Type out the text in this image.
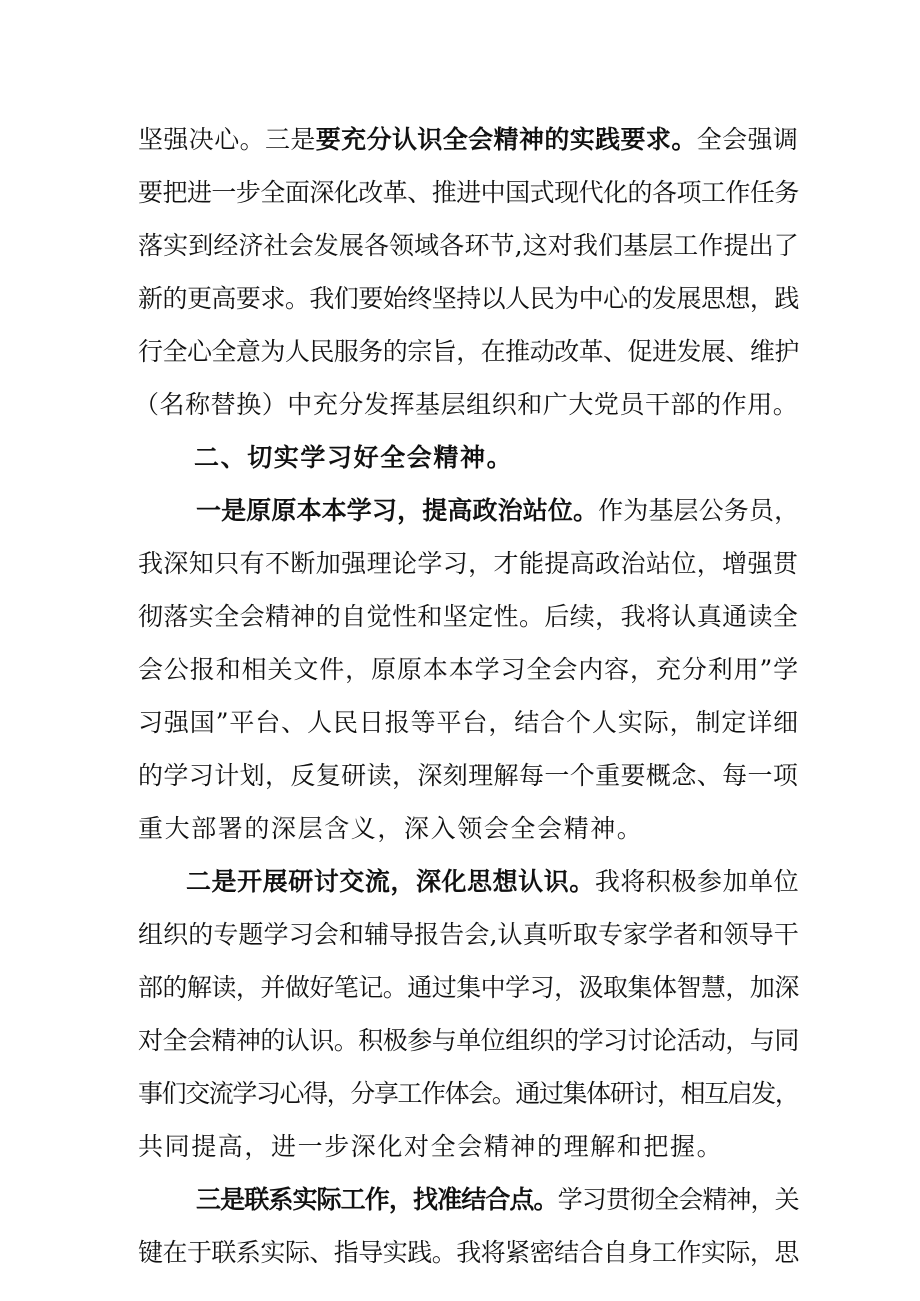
坚强决心。三是要充分认识全会精神的实践要求。全会强调
要把进一步全面深化改革、推进中国式现代化的各项工作任务
落实到经济社会发展各领域各环节,这对我们基层工作提出了
新的更高要求。我们要始终坚持以人民为中心的发展思想，践
行全心全意为人民服务的宗旨，在推动改革、促进发展、维护
（名称替换）中充分发挥基层组织和广大党员干部的作用。
二、切实学习好全会精神。
一是原原本本学习，提高政治站位。作为基层公务员，
我深知只有不断加强理论学习，才能提高政治站位，增强贯
彻落实全会精神的自觉性和坚定性。后续，我将认真通读全
会公报和相关文件，原原本本学习全会内容，充分利用”学
习强国”平台、人民日报等平台，结合个人实际，制定详细
的学习计划，反复研读，深刻理解每一个重要概念、每一项
重大部署的深层含义，深入领会全会精神。
二是开展研讨交流，深化思想认识。我将积极参加单位
组织的专题学习会和辅导报告会,认真听取专家学者和领导干
部的解读，并做好笔记。通过集中学习，汲取集体智慧，加深
对全会精神的认识。积极参与单位组织的学习讨论活动，与同
事们交流学习心得，分享工作体会。通过集体研讨，相互启发，
共同提高，进一步深化对全会精神的理解和把握。
三是联系实际工作，找准结合点。学习贯彻全会精神，关
键在于联系实际、指导实践。我将紧密结合自身工作实际，思
